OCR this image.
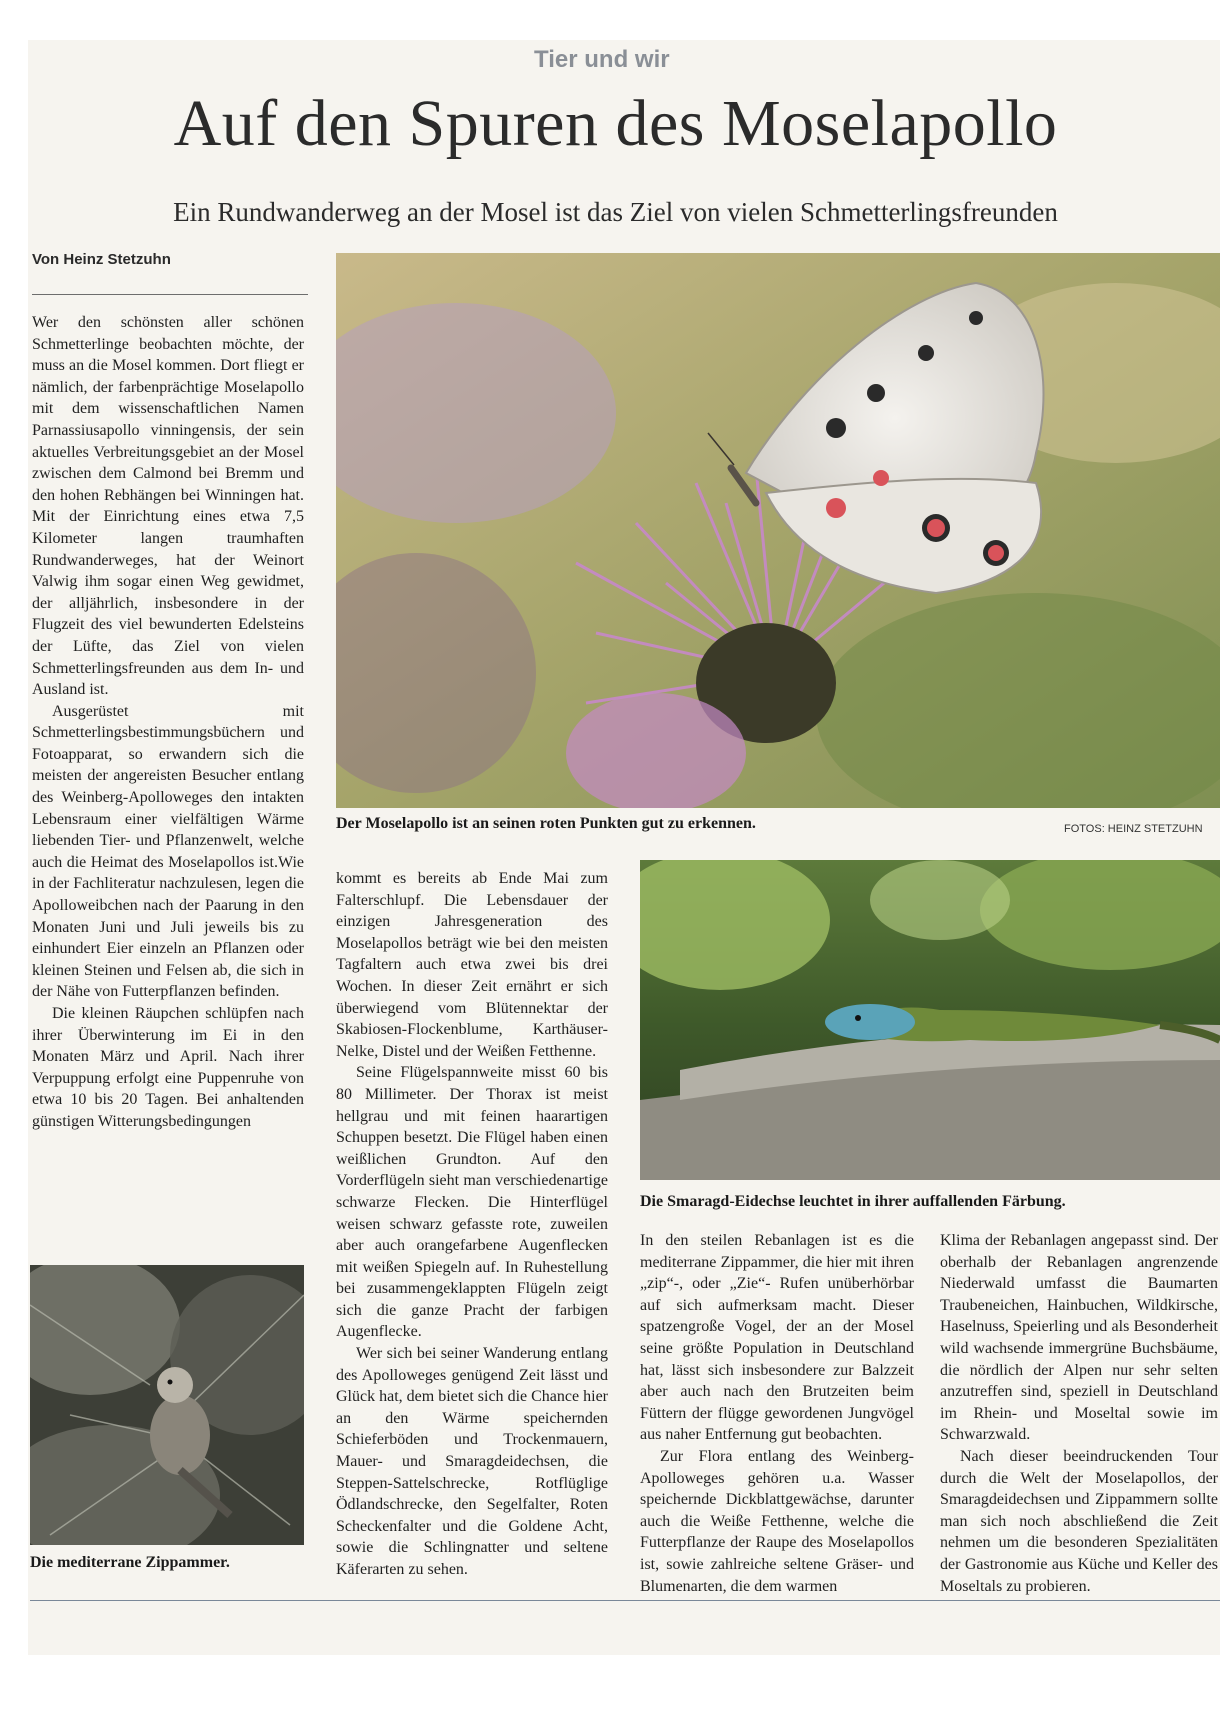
Tier und wir
Auf den Spuren des Moselapollo
Ein Rundwanderweg an der Mosel ist das Ziel von vielen Schmetterlingsfreunden
Von Heinz Stetzuhn

Wer den schönsten aller schönen Schmetterlinge beobachten möchte, der muss an die Mosel kommen. Dort fliegt er nämlich, der farbenprächtige Moselapollo mit dem wissenschaftlichen Namen Parnassiusapollo vinningensis, der sein aktuelles Verbreitungsgebiet an der Mosel zwischen dem Calmond bei Bremm und den hohen Rebhängen bei Winningen hat. Mit der Einrichtung eines etwa 7,5 Kilometer langen traumhaften Rundwanderweges, hat der Weinort Valwig ihm sogar einen Weg gewidmet, der alljährlich, insbesondere in der Flugzeit des viel bewunderten Edelsteins der Lüfte, das Ziel von vielen Schmetterlingsfreunden aus dem In- und Ausland ist.

Ausgerüstet mit Schmetterlingsbestimmungsbüchern und Fotoapparat, so erwandern sich die meisten der angereisten Besucher entlang des Weinberg-Apolloweges den intakten Lebensraum einer vielfältigen Wärme liebenden Tier- und Pflanzenwelt, welche auch die Heimat des Moselapollos ist.Wie in der Fachliteratur nachzulesen, legen die Apolloweibchen nach der Paarung in den Monaten Juni und Juli jeweils bis zu einhundert Eier einzeln an Pflanzen oder kleinen Steinen und Felsen ab, die sich in der Nähe von Futterpflanzen befinden.

Die kleinen Räupchen schlüpfen nach ihrer Überwinterung im Ei in den Monaten März und April. Nach ihrer Verpuppung erfolgt eine Puppenruhe von etwa 10 bis 20 Tagen. Bei anhaltenden günstigen Witterungsbedingungen

Der Moselapollo ist an seinen roten Punkten gut zu erkennen.	FOTOS: HEINZ STETZUHN

kommt es bereits ab Ende Mai zum Falterschlupf. Die Lebensdauer der einzigen Jahresgeneration des Moselapollos beträgt wie bei den meisten Tagfaltern auch etwa zwei bis drei Wochen. In dieser Zeit ernährt er sich überwiegend vom Blütennektar der Skabiosen-Flockenblume, Karthäuser-Nelke, Distel und der Weißen Fetthenne.

Seine Flügelspannweite misst 60 bis 80 Millimeter. Der Thorax ist meist hellgrau und mit feinen haarartigen Schuppen besetzt. Die Flügel haben einen weißlichen Grundton. Auf den Vorderflügeln sieht man verschiedenartige schwarze Flecken. Die Hinterflügel weisen schwarz gefasste rote, zuweilen aber auch orangefarbene Augenflecken mit weißen Spiegeln auf. In Ruhestellung bei zusammengeklappten Flügeln zeigt sich die ganze Pracht der farbigen Augenflecke.

Wer sich bei seiner Wanderung entlang des Apolloweges genügend Zeit lässt und Glück hat, dem bietet sich die Chance hier an den Wärme speichernden Schieferböden und Trockenmauern, Mauer- und Smaragdeidechsen, die Steppen-Sattelschrecke, Rotflüglige Ödlandschrecke, den Segelfalter, Roten Scheckenfalter und die Goldene Acht, sowie die Schlingnatter und seltene Käferarten zu sehen.

Die Smaragd-Eidechse leuchtet in ihrer auffallenden Färbung.

In den steilen Rebanlagen ist es die mediterrane Zippammer, die hier mit ihren „zip“-, oder „Zie“- Rufen unüberhörbar auf sich aufmerksam macht. Dieser spatzengroße Vogel, der an der Mosel seine größte Population in Deutschland hat, lässt sich insbesondere zur Balzzeit aber auch nach den Brutzeiten beim Füttern der flügge gewordenen Jungvögel aus naher Entfernung gut beobachten.

Zur Flora entlang des Weinberg-Apolloweges gehören u.a. Wasser speichernde Dickblattgewächse, darunter auch die Weiße Fetthenne, welche die Futterpflanze der Raupe des Moselapollos ist, sowie zahlreiche seltene Gräser- und Blumenarten, die dem warmen

Klima der Rebanlagen angepasst sind. Der oberhalb der Rebanlagen angrenzende Niederwald umfasst die Baumarten Traubeneichen, Hainbuchen, Wildkirsche, Haselnuss, Speierling und als Besonderheit wild wachsende immergrüne Buchsbäume, die nördlich der Alpen nur sehr selten anzutreffen sind, speziell in Deutschland im Rhein- und Moseltal sowie im Schwarzwald.

Nach dieser beeindruckenden Tour durch die Welt der Moselapollos, der Smaragdeidechsen und Zippammern sollte man sich noch abschließend die Zeit nehmen um die besonderen Spezialitäten der Gastronomie aus Küche und Keller des Moseltals zu probieren.

Die mediterrane Zippammer.
